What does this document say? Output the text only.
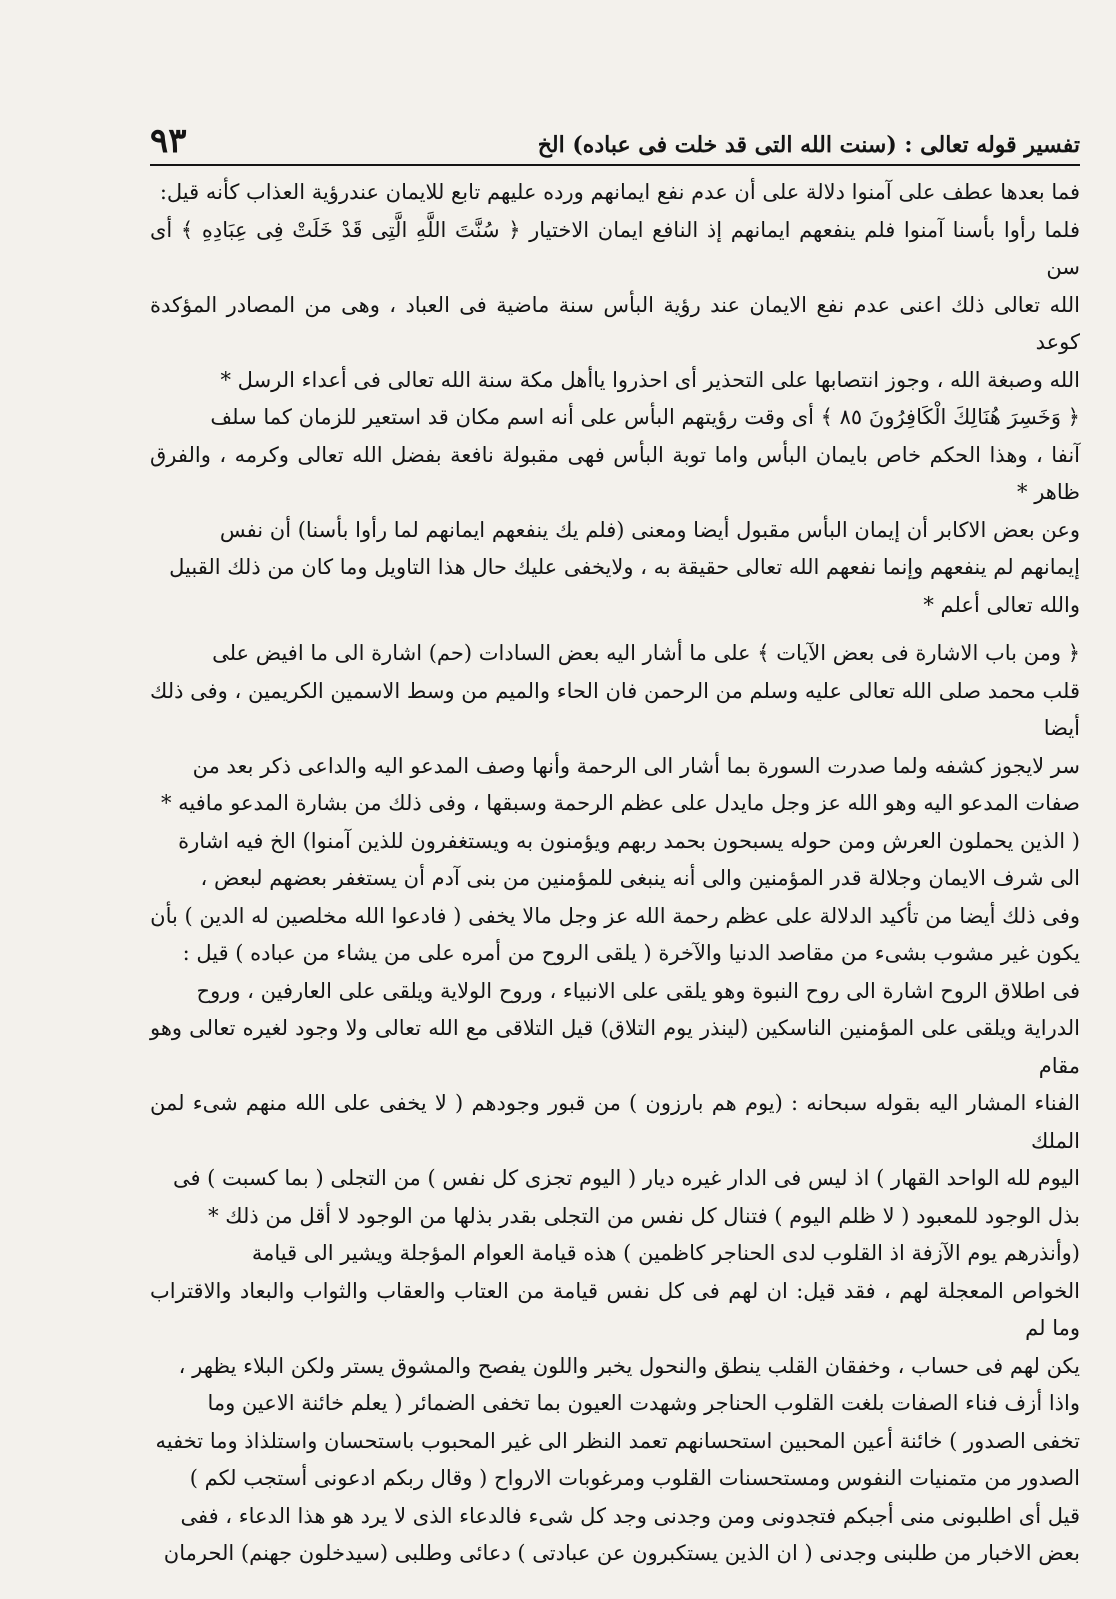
تفسير قوله تعالى : (سنت الله التى قد خلت فى عباده) الخ
٩٣

فما بعدها عطف على آمنوا دلالة على أن عدم نفع ايمانهم ورده عليهم تابع للايمان عندرؤية العذاب كأنه قيل:

فلما رأوا بأسنا آمنوا فلم ينفعهم ايمانهم إذ النافع ايمان الاختيار ﴿ سُنَّتَ اللَّهِ الَّتِى قَدْ خَلَتْ فِى عِبَادِهِ ﴾ أى سن

الله تعالى ذلك اعنى عدم نفع الايمان عند رؤية البأس سنة ماضية فى العباد ، وهى من المصادر المؤكدة كوعد

الله وصبغة الله ، وجوز انتصابها على التحذير أى احذروا ياأهل مكة سنة الله تعالى فى أعداء الرسل *

﴿ وَخَسِرَ هُنَالِكَ الْكَافِرُونَ ٨٥ ﴾ أى وقت رؤيتهم البأس على أنه اسم مكان قد استعير للزمان كما سلف

آنفا ، وهذا الحكم خاص بايمان البأس واما توبة البأس فهى مقبولة نافعة بفضل الله تعالى وكرمه ، والفرق ظاهر *

وعن بعض الاكابر أن إيمان البأس مقبول أيضا ومعنى (فلم يك ينفعهم ايمانهم لما رأوا بأسنا) أن نفس

إيمانهم لم ينفعهم وإنما نفعهم الله تعالى حقيقة به ، ولايخفى عليك حال هذا التاويل وما كان من ذلك القبيل

والله تعالى أعلم *

﴿ ومن باب الاشارة فى بعض الآيات ﴾ على ما أشار اليه بعض السادات (حم) اشارة الى ما افيض على

قلب محمد صلى الله تعالى عليه وسلم من الرحمن فان الحاء والميم من وسط الاسمين الكريمين ، وفى ذلك أيضا

سر لايجوز كشفه ولما صدرت السورة بما أشار الى الرحمة وأنها وصف المدعو اليه والداعى ذكر بعد من

صفات المدعو اليه وهو الله عز وجل مايدل على عظم الرحمة وسبقها ، وفى ذلك من بشارة المدعو مافيه *

( الذين يحملون العرش ومن حوله يسبحون بحمد ربهم ويؤمنون به ويستغفرون للذين آمنوا) الخ فيه اشارة

الى شرف الايمان وجلالة قدر المؤمنين والى أنه ينبغى للمؤمنين من بنى آدم أن يستغفر بعضهم لبعض ،

وفى ذلك أيضا من تأكيد الدلالة على عظم رحمة الله عز وجل مالا يخفى ( فادعوا الله مخلصين له الدين ) بأن

يكون غير مشوب بشىء من مقاصد الدنيا والآخرة ( يلقى الروح من أمره على من يشاء من عباده ) قيل :

فى اطلاق الروح اشارة الى روح النبوة وهو يلقى على الانبياء ، وروح الولاية ويلقى على العارفين ، وروح

الدراية ويلقى على المؤمنين الناسكين (لينذر يوم التلاق) قيل التلاقى مع الله تعالى ولا وجود لغيره تعالى وهو مقام

الفناء المشار اليه بقوله سبحانه : (يوم هم بارزون ) من قبور وجودهم ( لا يخفى على الله منهم شىء لمن الملك

اليوم لله الواحد القهار ) اذ ليس فى الدار غيره ديار ( اليوم تجزى كل نفس ) من التجلى ( بما كسبت ) فى

بذل الوجود للمعبود ( لا ظلم اليوم ) فتنال كل نفس من التجلى بقدر بذلها من الوجود لا أقل من ذلك *

(وأنذرهم يوم الآزفة اذ القلوب لدى الحناجر كاظمين ) هذه قيامة العوام المؤجلة ويشير الى قيامة

الخواص المعجلة لهم ، فقد قيل: ان لهم فى كل نفس قيامة من العتاب والعقاب والثواب والبعاد والاقتراب وما لم

يكن لهم فى حساب ، وخفقان القلب ينطق والنحول يخبر واللون يفصح والمشوق يستر ولكن البلاء يظهر ،

واذا أزف فناء الصفات بلغت القلوب الحناجر وشهدت العيون بما تخفى الضمائر ( يعلم خائنة الاعين وما

تخفى الصدور ) خائنة أعين المحبين استحسانهم تعمد النظر الى غير المحبوب باستحسان واستلذاذ وما تخفيه

الصدور من متمنيات النفوس ومستحسنات القلوب ومرغوبات الارواح ( وقال ربكم ادعونى أستجب لكم )

قيل أى اطلبونى منى أجبكم فتجدونى ومن وجدنى وجد كل شىء فالدعاء الذى لا يرد هو هذا الدعاء ، ففى

بعض الاخبار من طلبنى وجدنى ( ان الذين يستكبرون عن عبادتى ) دعائى وطلبى (سيدخلون جهنم) الحرمان
